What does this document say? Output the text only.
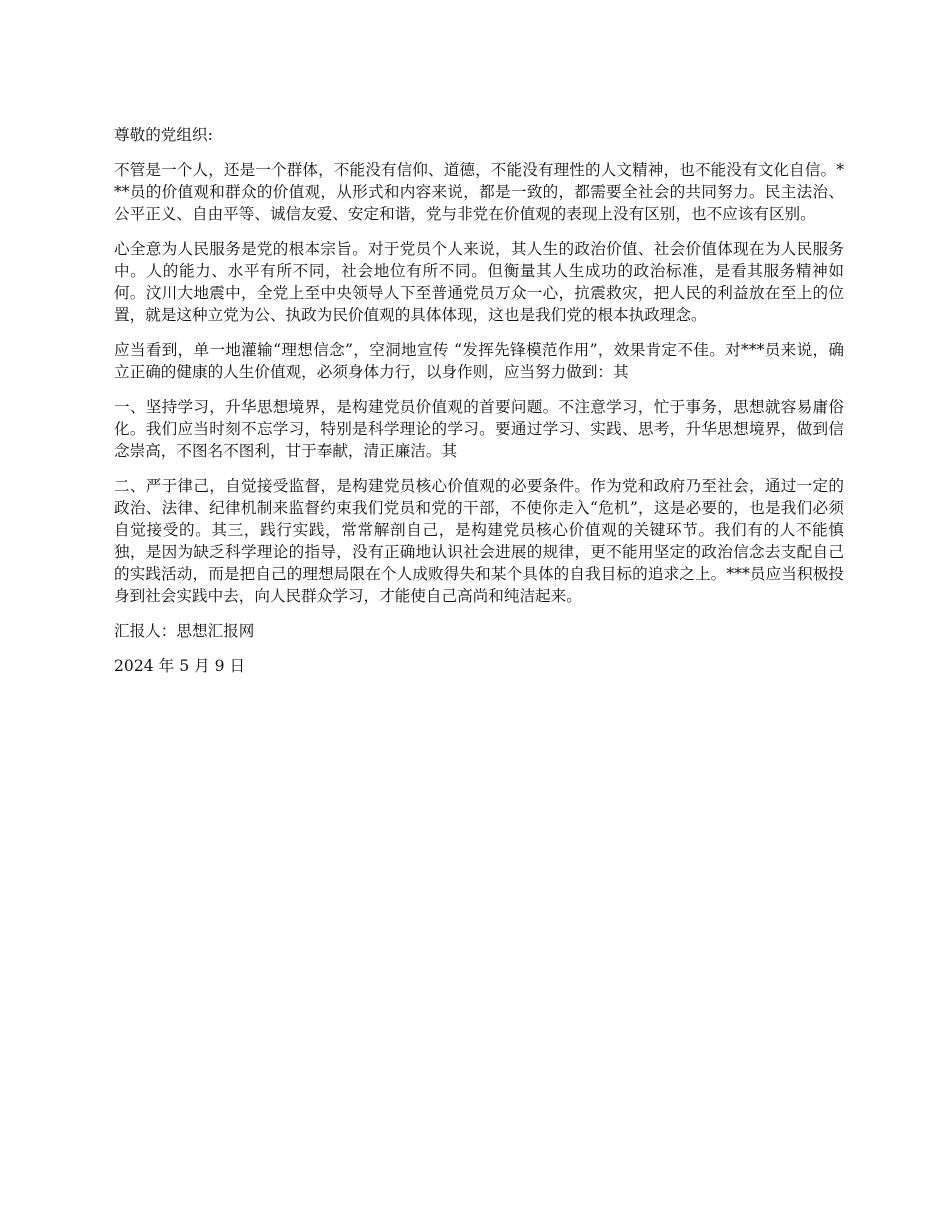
尊敬的党组织:

不管是一个人，还是一个群体，不能没有信仰、道德，不能没有理性的人文精神，也不能没有文化自信。***员的价值观和群众的价值观，从形式和内容来说，都是一致的，都需要全社会的共同努力。民主法治、公平正义、自由平等、诚信友爱、安定和谐，党与非党在价值观的表现上没有区别，也不应该有区别。

心全意为人民服务是党的根本宗旨。对于党员个人来说，其人生的政治价值、社会价值体现在为人民服务中。人的能力、水平有所不同，社会地位有所不同。但衡量其人生成功的政治标准，是看其服务精神如何。汶川大地震中，全党上至中央领导人下至普通党员万众一心，抗震救灾，把人民的利益放在至上的位置，就是这种立党为公、执政为民价值观的具体体现，这也是我们党的根本执政理念。

应当看到，单一地灌输“理想信念”，空洞地宣传 “发挥先锋模范作用”，效果肯定不佳。对***员来说，确立正确的健康的人生价值观，必须身体力行，以身作则，应当努力做到：其

一、坚持学习，升华思想境界，是构建党员价值观的首要问题。不注意学习，忙于事务，思想就容易庸俗化。我们应当时刻不忘学习，特别是科学理论的学习。要通过学习、实践、思考，升华思想境界，做到信念崇高，不图名不图利，甘于奉献，清正廉洁。其

二、严于律己，自觉接受监督，是构建党员核心价值观的必要条件。作为党和政府乃至社会，通过一定的政治、法律、纪律机制来监督约束我们党员和党的干部，不使你走入“危机”，这是必要的，也是我们必须自觉接受的。其三，践行实践，常常解剖自己，是构建党员核心价值观的关键环节。我们有的人不能慎独，是因为缺乏科学理论的指导，没有正确地认识社会进展的规律，更不能用坚定的政治信念去支配自己的实践活动，而是把自己的理想局限在个人成败得失和某个具体的自我目标的追求之上。***员应当积极投身到社会实践中去，向人民群众学习，才能使自己高尚和纯洁起来。

汇报人：思想汇报网

2024 年 5 月 9 日
